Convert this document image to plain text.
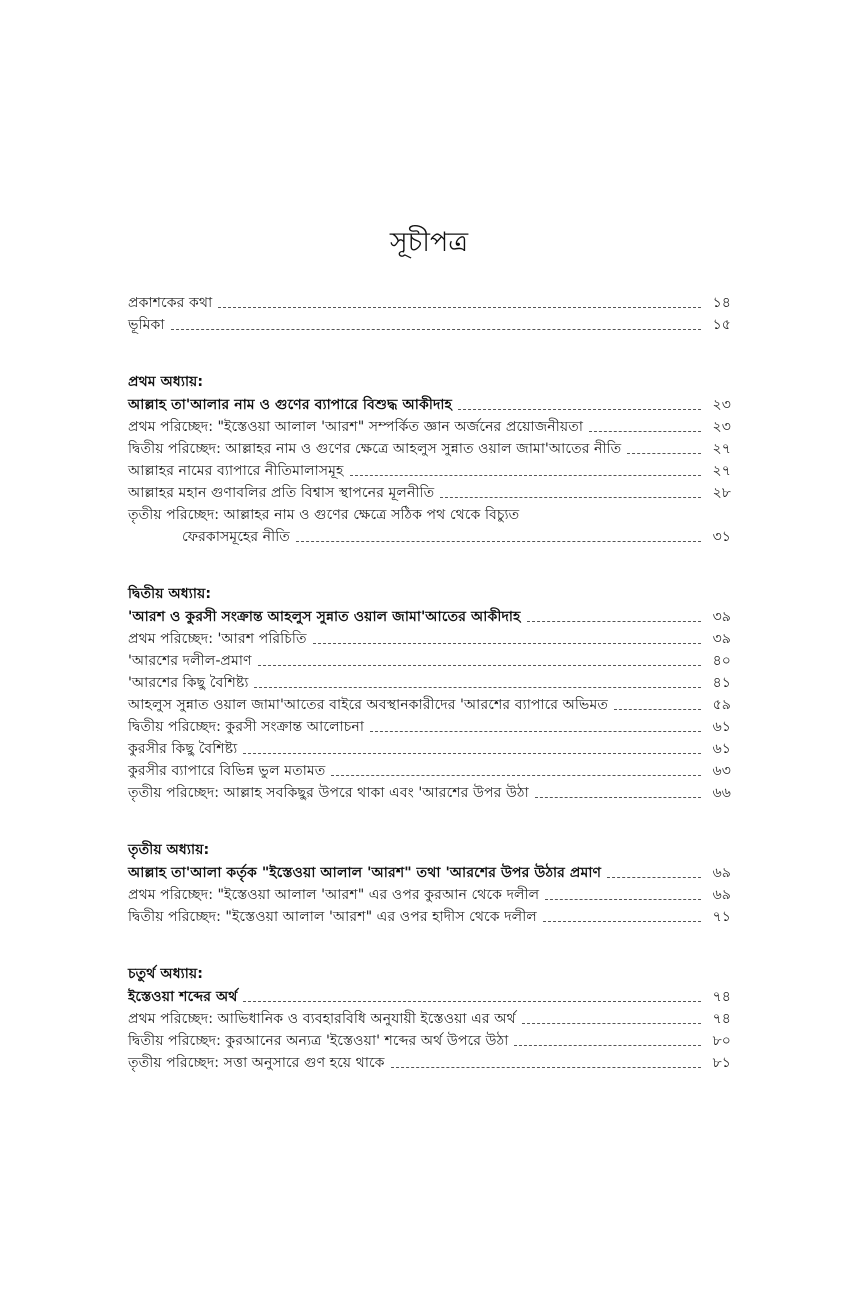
সূচীপত্র
প্রকাশকের কথা	১৪
ভূমিকা	১৫
প্রথম অধ্যায়:
আল্লাহ তা'আলার নাম ও গুণের ব্যাপারে বিশুদ্ধ আকীদাহ	২৩
প্রথম পরিচ্ছেদ: "ইস্তেওয়া আলাল 'আরশ" সম্পর্কিত জ্ঞান অর্জনের প্রয়োজনীয়তা	২৩
দ্বিতীয় পরিচ্ছেদ: আল্লাহর নাম ও গুণের ক্ষেত্রে আহলুস সুন্নাত ওয়াল জামা'আতের নীতি	২৭
আল্লাহর নামের ব্যাপারে নীতিমালাসমূহ	২৭
আল্লাহর মহান গুণাবলির প্রতি বিশ্বাস স্থাপনের মূলনীতি	২৮
তৃতীয় পরিচ্ছেদ: আল্লাহর নাম ও গুণের ক্ষেত্রে সঠিক পথ থেকে বিচ্যুত
ফেরকাসমূহের নীতি	৩১
দ্বিতীয় অধ্যায়:
'আরশ ও কুরসী সংক্রান্ত আহলুস সুন্নাত ওয়াল জামা'আতের আকীদাহ	৩৯
প্রথম পরিচ্ছেদ: 'আরশ পরিচিতি	৩৯
'আরশের দলীল-প্রমাণ	৪০
'আরশের কিছু বৈশিষ্ট্য	৪১
আহলুস সুন্নাত ওয়াল জামা'আতের বাইরে অবস্থানকারীদের 'আরশের ব্যাপারে অভিমত	৫৯
দ্বিতীয় পরিচ্ছেদ: কুরসী সংক্রান্ত আলোচনা	৬১
কুরসীর কিছু বৈশিষ্ট্য	৬১
কুরসীর ব্যাপারে বিভিন্ন ভুল মতামত	৬৩
তৃতীয় পরিচ্ছেদ: আল্লাহ সবকিছুর উপরে থাকা এবং 'আরশের উপর উঠা	৬৬
তৃতীয় অধ্যায়:
আল্লাহ তা'আলা কর্তৃক "ইস্তেওয়া আলাল 'আরশ" তথা 'আরশের উপর উঠার প্রমাণ	৬৯
প্রথম পরিচ্ছেদ: "ইস্তেওয়া আলাল 'আরশ" এর ওপর কুরআন থেকে দলীল	৬৯
দ্বিতীয় পরিচ্ছেদ: "ইস্তেওয়া আলাল 'আরশ" এর ওপর হাদীস থেকে দলীল	৭১
চতুর্থ অধ্যায়:
ইস্তেওয়া শব্দের অর্থ	৭৪
প্রথম পরিচ্ছেদ: আভিধানিক ও ব্যবহারবিধি অনুযায়ী ইস্তেওয়া এর অর্থ	৭৪
দ্বিতীয় পরিচ্ছেদ: কুরআনের অন্যত্র 'ইস্তেওয়া' শব্দের অর্থ উপরে উঠা	৮০
তৃতীয় পরিচ্ছেদ: সত্তা অনুসারে গুণ হয়ে থাকে	৮১
